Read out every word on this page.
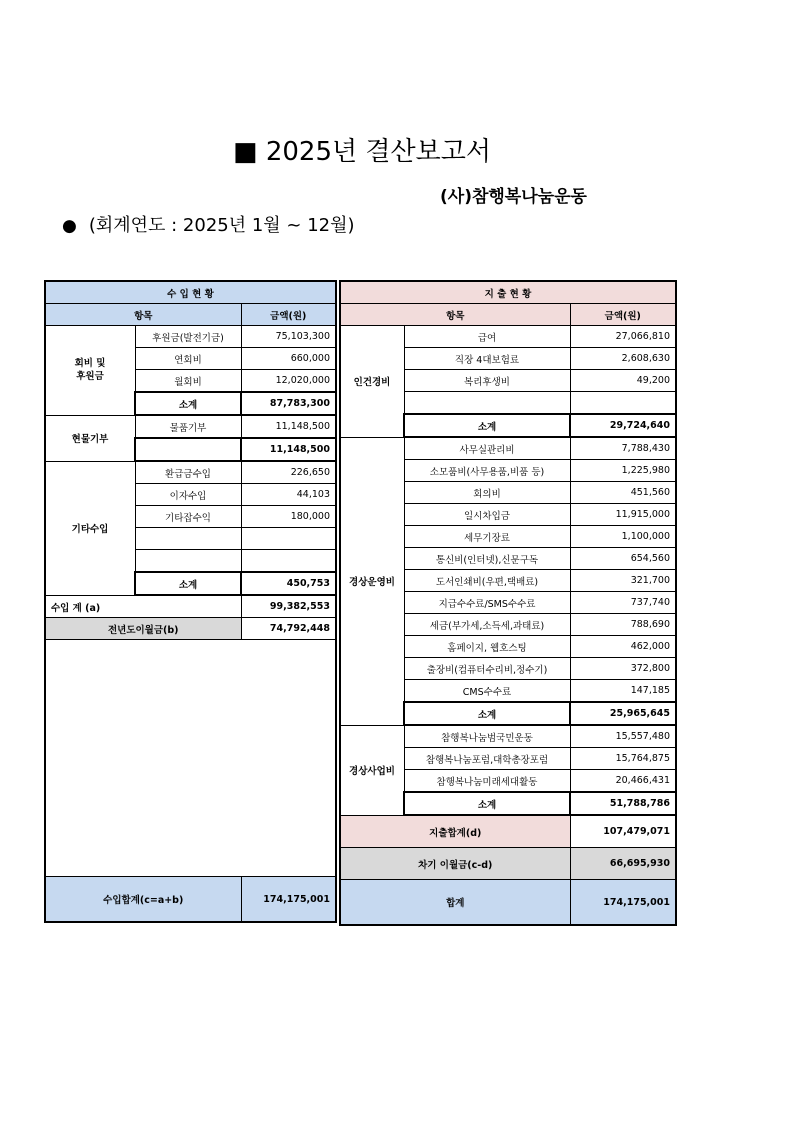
■ 2025년 결산보고서
(사)참행복나눔운동
● (회계연도 : 2025년 1월 ~ 12월)
수 입 현 황		
항목		금액(원)
회비 및
후원금	후원금(발전기금)	75,103,300
	연회비	660,000
	월회비	12,020,000
	소계	87,783,300
현물기부	물품기부	11,148,500
		11,148,500
기타수입	환급금수입	226,650
	이자수입	44,103
	기타잡수익	180,000

	소계	450,753
수입 계 (a)		99,382,553
전년도이월금(b)		74,792,448

수입합계(c=a+b)		174,175,001
지 출 현 황		
항목		금액(원)
인건경비	급여	27,066,810
	직장 4대보험료	2,608,630
	복리후생비	49,200

	소계	29,724,640
경상운영비	사무실관리비	7,788,430
	소모품비(사무용품,비품 등)	1,225,980
	회의비	451,560
	일시차입금	11,915,000
	세무기장료	1,100,000
	통신비(인터넷),신문구독	654,560
	도서인쇄비(우편,택배료)	321,700
	지급수수료/SMS수수료	737,740
	세금(부가세,소득세,과태료)	788,690
	홈페이지, 웹호스팅	462,000
	출장비(컴퓨터수리비,정수기)	372,800
	CMS수수료	147,185
	소계	25,965,645
경상사업비	참행복나눔범국민운동	15,557,480
	참행복나눔포럼,대학총장포럼	15,764,875
	참행복나눔미래세대활동	20,466,431
	소계	51,788,786
지출합계(d)		107,479,071
차기 이월금(c-d)		66,695,930
합계		174,175,001
